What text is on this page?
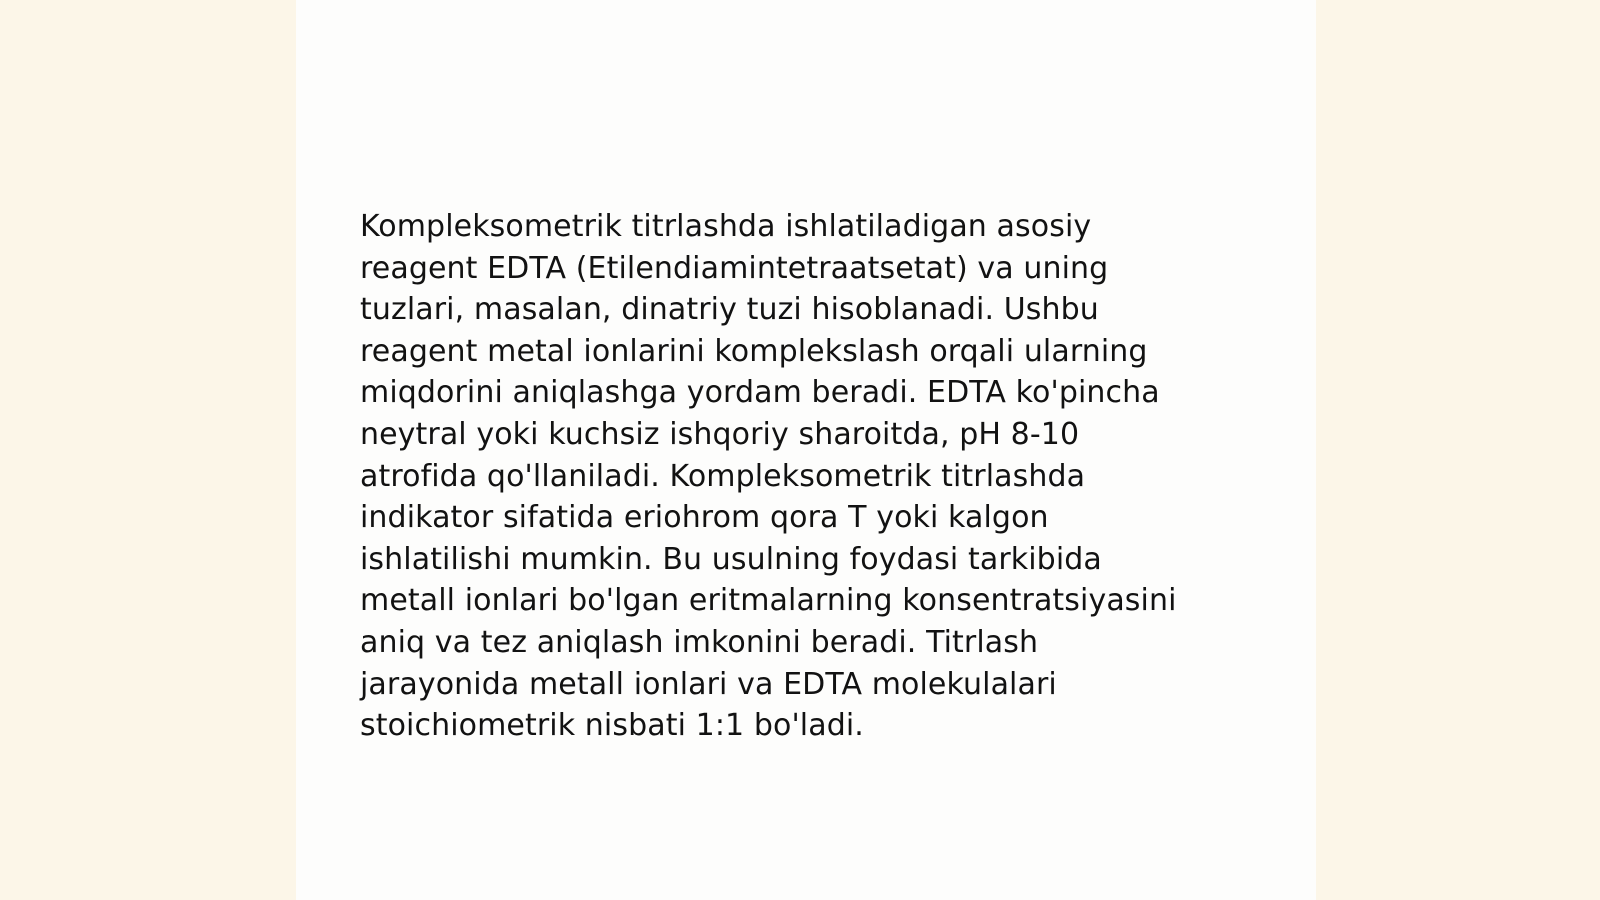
Kompleksometrik titrlashda ishlatiladigan asosiy
reagent EDTA (Etilendiamintetraatsetat) va uning
tuzlari, masalan, dinatriy tuzi hisoblanadi. Ushbu
reagent metal ionlarini komplekslash orqali ularning
miqdorini aniqlashga yordam beradi. EDTA ko'pincha
neytral yoki kuchsiz ishqoriy sharoitda, pH 8-10
atrofida qo'llaniladi. Kompleksometrik titrlashda
indikator sifatida eriohrom qora T yoki kalgon
ishlatilishi mumkin. Bu usulning foydasi tarkibida
metall ionlari bo'lgan eritmalarning konsentratsiyasini
aniq va tez aniqlash imkonini beradi. Titrlash
jarayonida metall ionlari va EDTA molekulalari
stoichiometrik nisbati 1:1 bo'ladi.
